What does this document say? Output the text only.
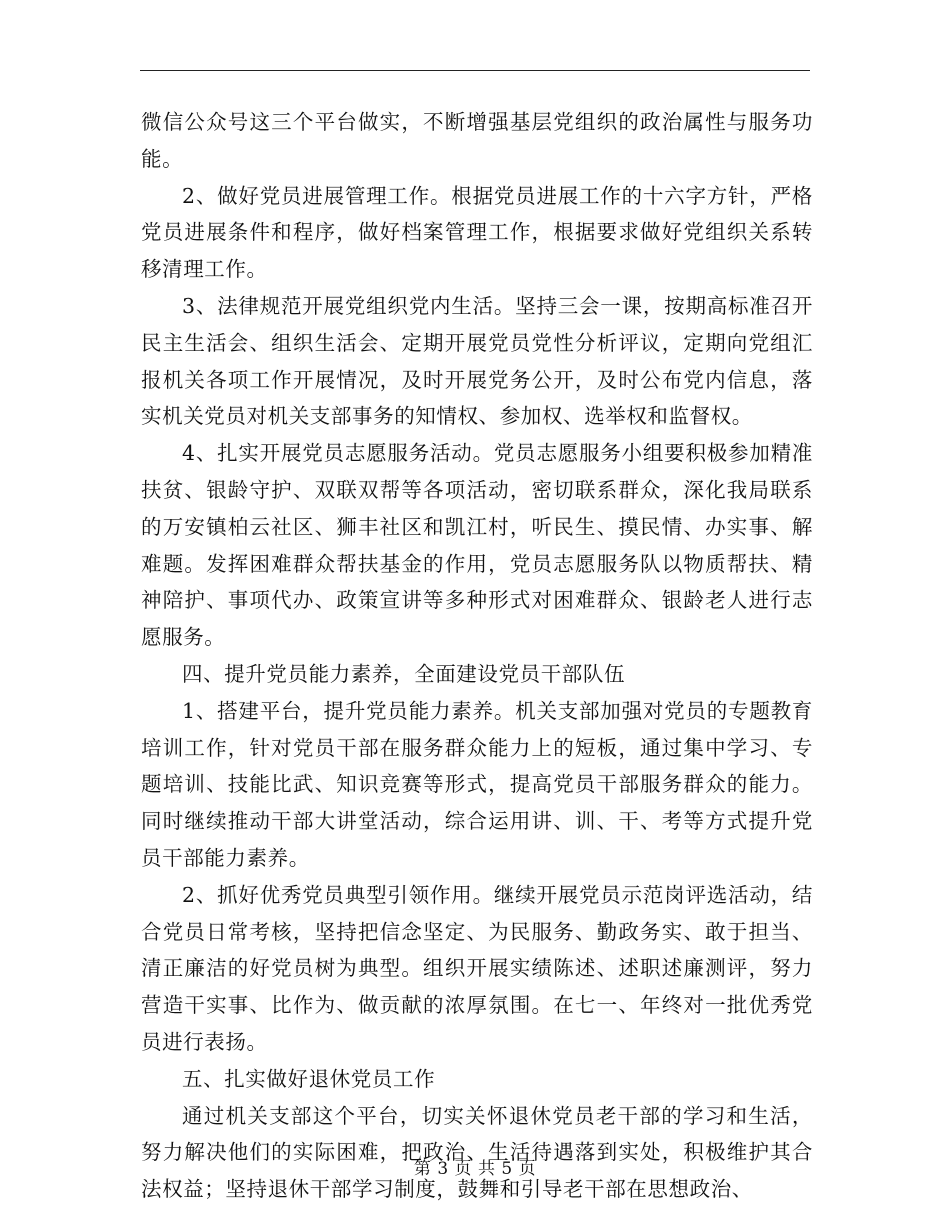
微信公众号这三个平台做实，不断增强基层党组织的政治属性与服务功能。

2、做好党员进展管理工作。根据党员进展工作的十六字方针，严格党员进展条件和程序，做好档案管理工作，根据要求做好党组织关系转移清理工作。

3、法律规范开展党组织党内生活。坚持三会一课，按期高标准召开民主生活会、组织生活会、定期开展党员党性分析评议，定期向党组汇报机关各项工作开展情况，及时开展党务公开，及时公布党内信息，落实机关党员对机关支部事务的知情权、参加权、选举权和监督权。

4、扎实开展党员志愿服务活动。党员志愿服务小组要积极参加精准扶贫、银龄守护、双联双帮等各项活动，密切联系群众，深化我局联系的万安镇柏云社区、狮丰社区和凯江村，听民生、摸民情、办实事、解难题。发挥困难群众帮扶基金的作用，党员志愿服务队以物质帮扶、精神陪护、事项代办、政策宣讲等多种形式对困难群众、银龄老人进行志愿服务。

四、提升党员能力素养，全面建设党员干部队伍

1、搭建平台，提升党员能力素养。机关支部加强对党员的专题教育培训工作，针对党员干部在服务群众能力上的短板，通过集中学习、专题培训、技能比武、知识竞赛等形式，提高党员干部服务群众的能力。同时继续推动干部大讲堂活动，综合运用讲、训、干、考等方式提升党员干部能力素养。

2、抓好优秀党员典型引领作用。继续开展党员示范岗评选活动，结合党员日常考核，坚持把信念坚定、为民服务、勤政务实、敢于担当、清正廉洁的好党员树为典型。组织开展实绩陈述、述职述廉测评，努力营造干实事、比作为、做贡献的浓厚氛围。在七一、年终对一批优秀党员进行表扬。

五、扎实做好退休党员工作

通过机关支部这个平台，切实关怀退休党员老干部的学习和生活，努力解决他们的实际困难，把政治、生活待遇落到实处，积极维护其合法权益；坚持退休干部学习制度，鼓舞和引导老干部在思想政治、

第 3 页 共 5 页
